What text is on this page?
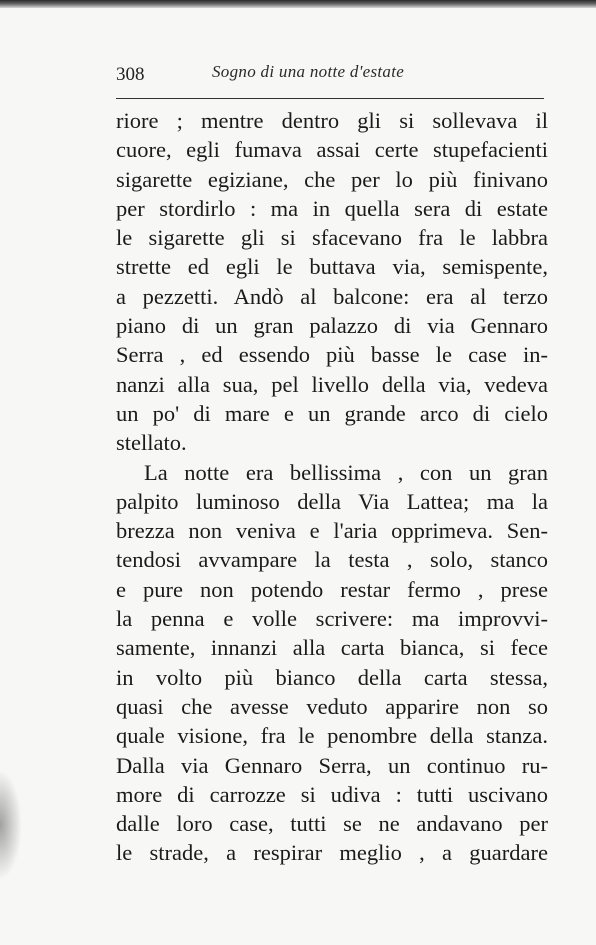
308	Sogno di una notte d'estate
riore ; mentre dentro gli si sollevava il
cuore, egli fumava assai certe stupefacienti
sigarette egiziane, che per lo più finivano
per stordirlo : ma in quella sera di estate
le sigarette gli si sfacevano fra le labbra
strette ed egli le buttava via, semispente,
a pezzetti. Andò al balcone: era al terzo
piano di un gran palazzo di via Gennaro
Serra , ed essendo più basse le case in-
nanzi alla sua, pel livello della via, vedeva
un po' di mare e un grande arco di cielo
stellato.
La notte era bellissima , con un gran
palpito luminoso della Via Lattea; ma la
brezza non veniva e l'aria opprimeva. Sen-
tendosi avvampare la testa , solo, stanco
e pure non potendo restar fermo , prese
la penna e volle scrivere: ma improvvi-
samente, innanzi alla carta bianca, si fece
in volto più bianco della carta stessa,
quasi che avesse veduto apparire non so
quale visione, fra le penombre della stanza.
Dalla via Gennaro Serra, un continuo ru-
more di carrozze si udiva : tutti uscivano
dalle loro case, tutti se ne andavano per
le strade, a respirar meglio , a guardare
